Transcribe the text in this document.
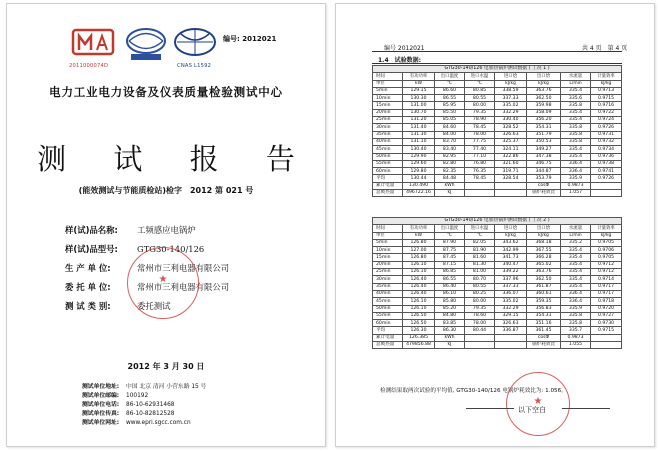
2011000074D	CNAS L1592
编号: 2012021
电力工业电力设备及仪表质量检验测试中心
测 试 报 告
(能效测试与节能质检站)检字　2012 第 021 号
样(试)品名称: 工频感应电锅炉
样(试)品型号: GTG30-140/126
生 产 单 位:	常州市三利电器有限公司
委 托 单 位:	常州市三利电器有限公司
测 试 类 别:	委托测试
★
2012 年 3 月 30 日
测试单位地址: 中国 北京 清河 小营东路 15 号
测试单位邮编: 100192
测试单位电话: 86-10-62931468
测试单位传真: 86-10-82812528
测试单位网址: www.epri.sgcc.com.cn
编号 2012021	共 4 页　第 4 页
1.4　试验数据:
GTG30-140/126 电加热锅炉测试数据 ( 工况 1 )							
时间	有功功率	出口温度	进口水温	进口焓	出口焓	水流量	计量效率
单位	kW	℃	℃	kJ/kg	kJ/kg	L/min	kJ/kg
5min	129.15	86.60	80.85	338.59	363.76	335.4	0.9713
10min	130.30	86.55	80.55	337.33	362.50	335.6	0.9715
15min	131.00	85.95	80.00	335.02	359.98	335.8	0.9716
20min	130.70	85.50	79.35	332.29	358.09	335.4	0.9722
25min	131.20	85.05	78.90	330.40	356.20	335.4	0.9724
30min	131.40	84.60	78.45	328.52	354.31	335.8	0.9726
35min	131.30	84.00	78.00	326.63	351.79	335.8	0.9731
40min	131.10	83.70	77.75	325.37	350.53	335.8	0.9732
45min	130.40	83.40	77.40	324.11	349.27	335.4	0.9734
50min	129.90	82.95	77.10	322.86	347.38	335.4	0.9736
55min	129.60	82.80	76.80	321.60	346.75	336.4	0.9738
60min	129.80	82.35	76.35	319.71	344.87	336.4	0.9741
平均	130.44	84.48	78.45	328.54	353.79	335.9	0.9726
累计电量	130.490	kWh			cosΦ	0.9873	
总吸热量	496722.16	kJ			锅炉耗效比	1.057	
GTG30-140/126 电加热锅炉测试数据 ( 工况 2 )							
时间	有功功率	出口温度	进口水温	进口焓	出口焓	水流量	计量效率
单位	kW	℃	℃	kJ/kg	kJ/kg	L/min	kJ/kg
5min	126.80	87.90	82.05	343.62	368.18	335.2	0.9705
10min	127.00	87.75	81.90	342.99	367.55	335.4	0.9706
15min	126.80	87.45	81.60	341.73	366.28	335.4	0.9705
20min	126.10	87.15	81.30	340.47	365.02	335.4	0.9712
25min	126.10	86.85	81.00	339.22	363.76	335.4	0.9712
30min	126.40	86.55	80.70	337.96	362.50	335.4	0.9714
35min	126.40	86.40	80.55	337.33	361.87	335.4	0.9717
40min	126.40	86.10	80.25	336.07	360.61	336.4	0.9717
45min	126.10	85.80	80.00	335.02	359.35	336.4	0.9718
50min	126.10	85.20	79.35	332.29	356.83	335.9	0.9720
55min	126.50	84.80	78.60	329.15	354.31	335.8	0.9727
60min	126.50	83.85	78.00	326.63	351.16	335.8	0.9730
平均	126.30	86.30	80.44	336.87	361.45	335.7	0.9715
累计电量	126.385	kWh			cosΦ	0.9873	
总吸热量	479856.88	kJ			锅炉耗效比	1.055	
检测结果取两次试验的平均值, GTG30-140/126 电锅炉耗效比为: 1.056。
★
以下空白
